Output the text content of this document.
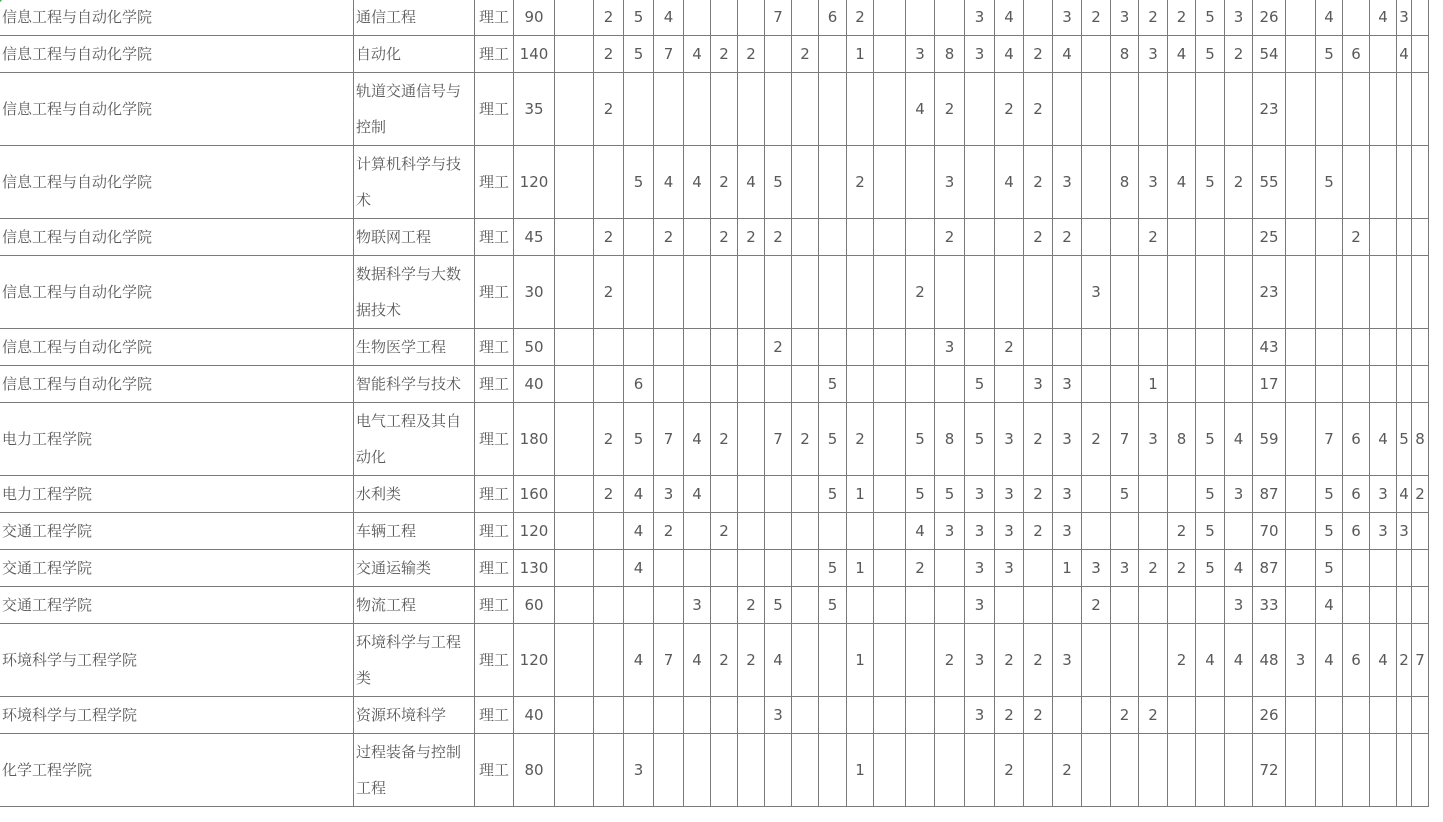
信息工程与自动化学院	通信工程	理工	90		2	5	4				7		6	2				3	4		3	2	3	2	2	5	3	26		4		4	3	
信息工程与自动化学院	自动化	理工	140		2	5	7	4	2	2		2		1		3	8	3	4	2	4		8	3	4	5	2	54		5	6		4	
信息工程与自动化学院	轨道交通信号与控制	理工	35		2											4	2		2	2								23						
信息工程与自动化学院	计算机科学与技术	理工	120			5	4	4	2	4	5			2			3		4	2	3		8	3	4	5	2	55		5				
信息工程与自动化学院	物联网工程	理工	45		2		2		2	2	2						2			2	2			2				25			2			
信息工程与自动化学院	数据科学与大数据技术	理工	30		2											2						3						23						
信息工程与自动化学院	生物医学工程	理工	50								2						3		2									43						
信息工程与自动化学院	智能科学与技术	理工	40			6							5					5		3	3			1				17						
电力工程学院	电气工程及其自动化	理工	180		2	5	7	4	2		7	2	5	2		5	8	5	3	2	3	2	7	3	8	5	4	59		7	6	4	5	8
电力工程学院	水利类	理工	160		2	4	3	4					5	1		5	5	3	3	2	3		5			5	3	87		5	6	3	4	2
交通工程学院	车辆工程	理工	120			4	2		2							4	3	3	3	2	3				2	5		70		5	6	3	3	
交通工程学院	交通运输类	理工	130			4							5	1		2		3	3		1	3	3	2	2	5	4	87		5				
交通工程学院	物流工程	理工	60					3		2	5		5					3				2					3	33		4				
环境科学与工程学院	环境科学与工程类	理工	120			4	7	4	2	2	4			1			2	3	2	2	3				2	4	4	48	3	4	6	4	2	7
环境科学与工程学院	资源环境科学	理工	40								3							3	2	2			2	2				26						
化学工程学院	过程装备与控制工程	理工	80			3								1					2		2							72						
